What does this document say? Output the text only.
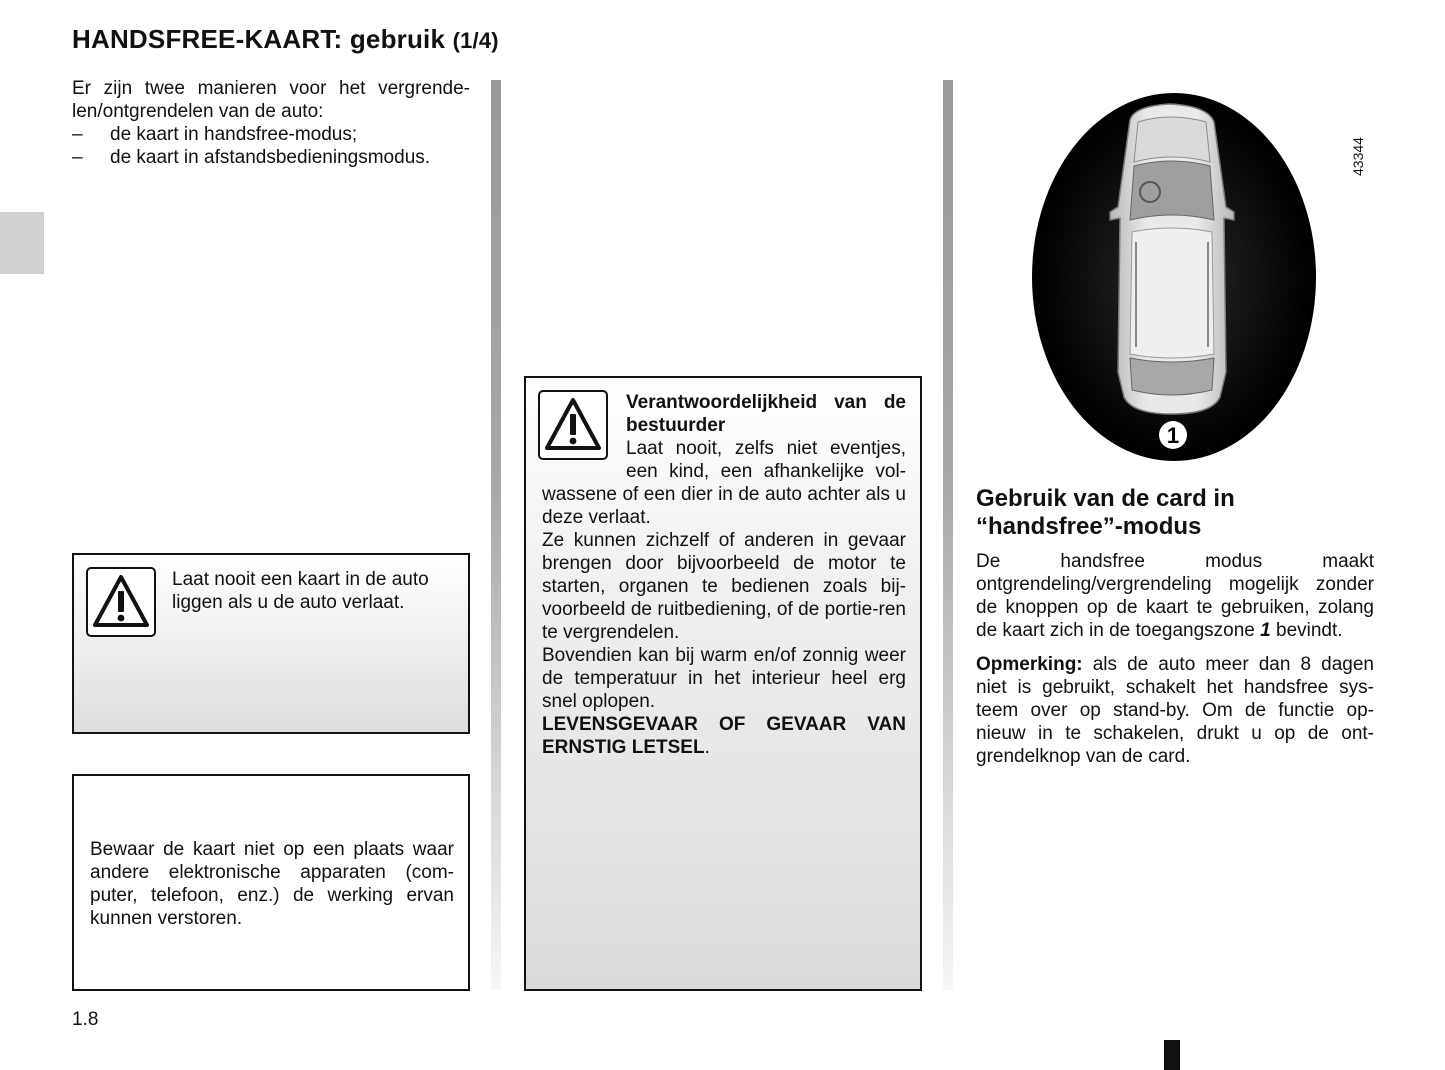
HANDSFREE-KAART: gebruik (1/4)

Er zijn twee manieren voor het vergrende-len/ontgrendelen van de auto:

–	de kaart in handsfree-modus;
–	de kaart in afstandsbedieningsmodus.
Laat nooit een kaart in de auto liggen als u de auto verlaat.
Bewaar de kaart niet op een plaats waar andere elektronische apparaten (com-puter, telefoon, enz.) de werking ervan kunnen verstoren.
Verantwoordelijkheid van de bestuurder
Laat nooit, zelfs niet eventjes, een kind, een afhankelijke vol-wassene of een dier in de auto achter als u deze verlaat.
Ze kunnen zichzelf of anderen in gevaar brengen door bijvoorbeeld de motor te starten, organen te bedienen zoals bij-voorbeeld de ruitbediening, of de portie-ren te vergrendelen.
Bovendien kan bij warm en/of zonnig weer de temperatuur in het interieur heel erg snel oplopen.
LEVENSGEVAAR OF GEVAAR VAN ERNSTIG LETSEL.
43344
1
Gebruik van de card in “handsfree”-modus

De handsfree modus maakt ontgrendeling/vergrendeling mogelijk zonder de knoppen op de kaart te gebruiken, zolang de kaart zich in de toegangszone 1 bevindt.

Opmerking: als de auto meer dan 8 dagen niet is gebruikt, schakelt het handsfree sys-teem over op stand-by. Om de functie op-nieuw in te schakelen, drukt u op de ont-grendelknop van de card.

1.8
